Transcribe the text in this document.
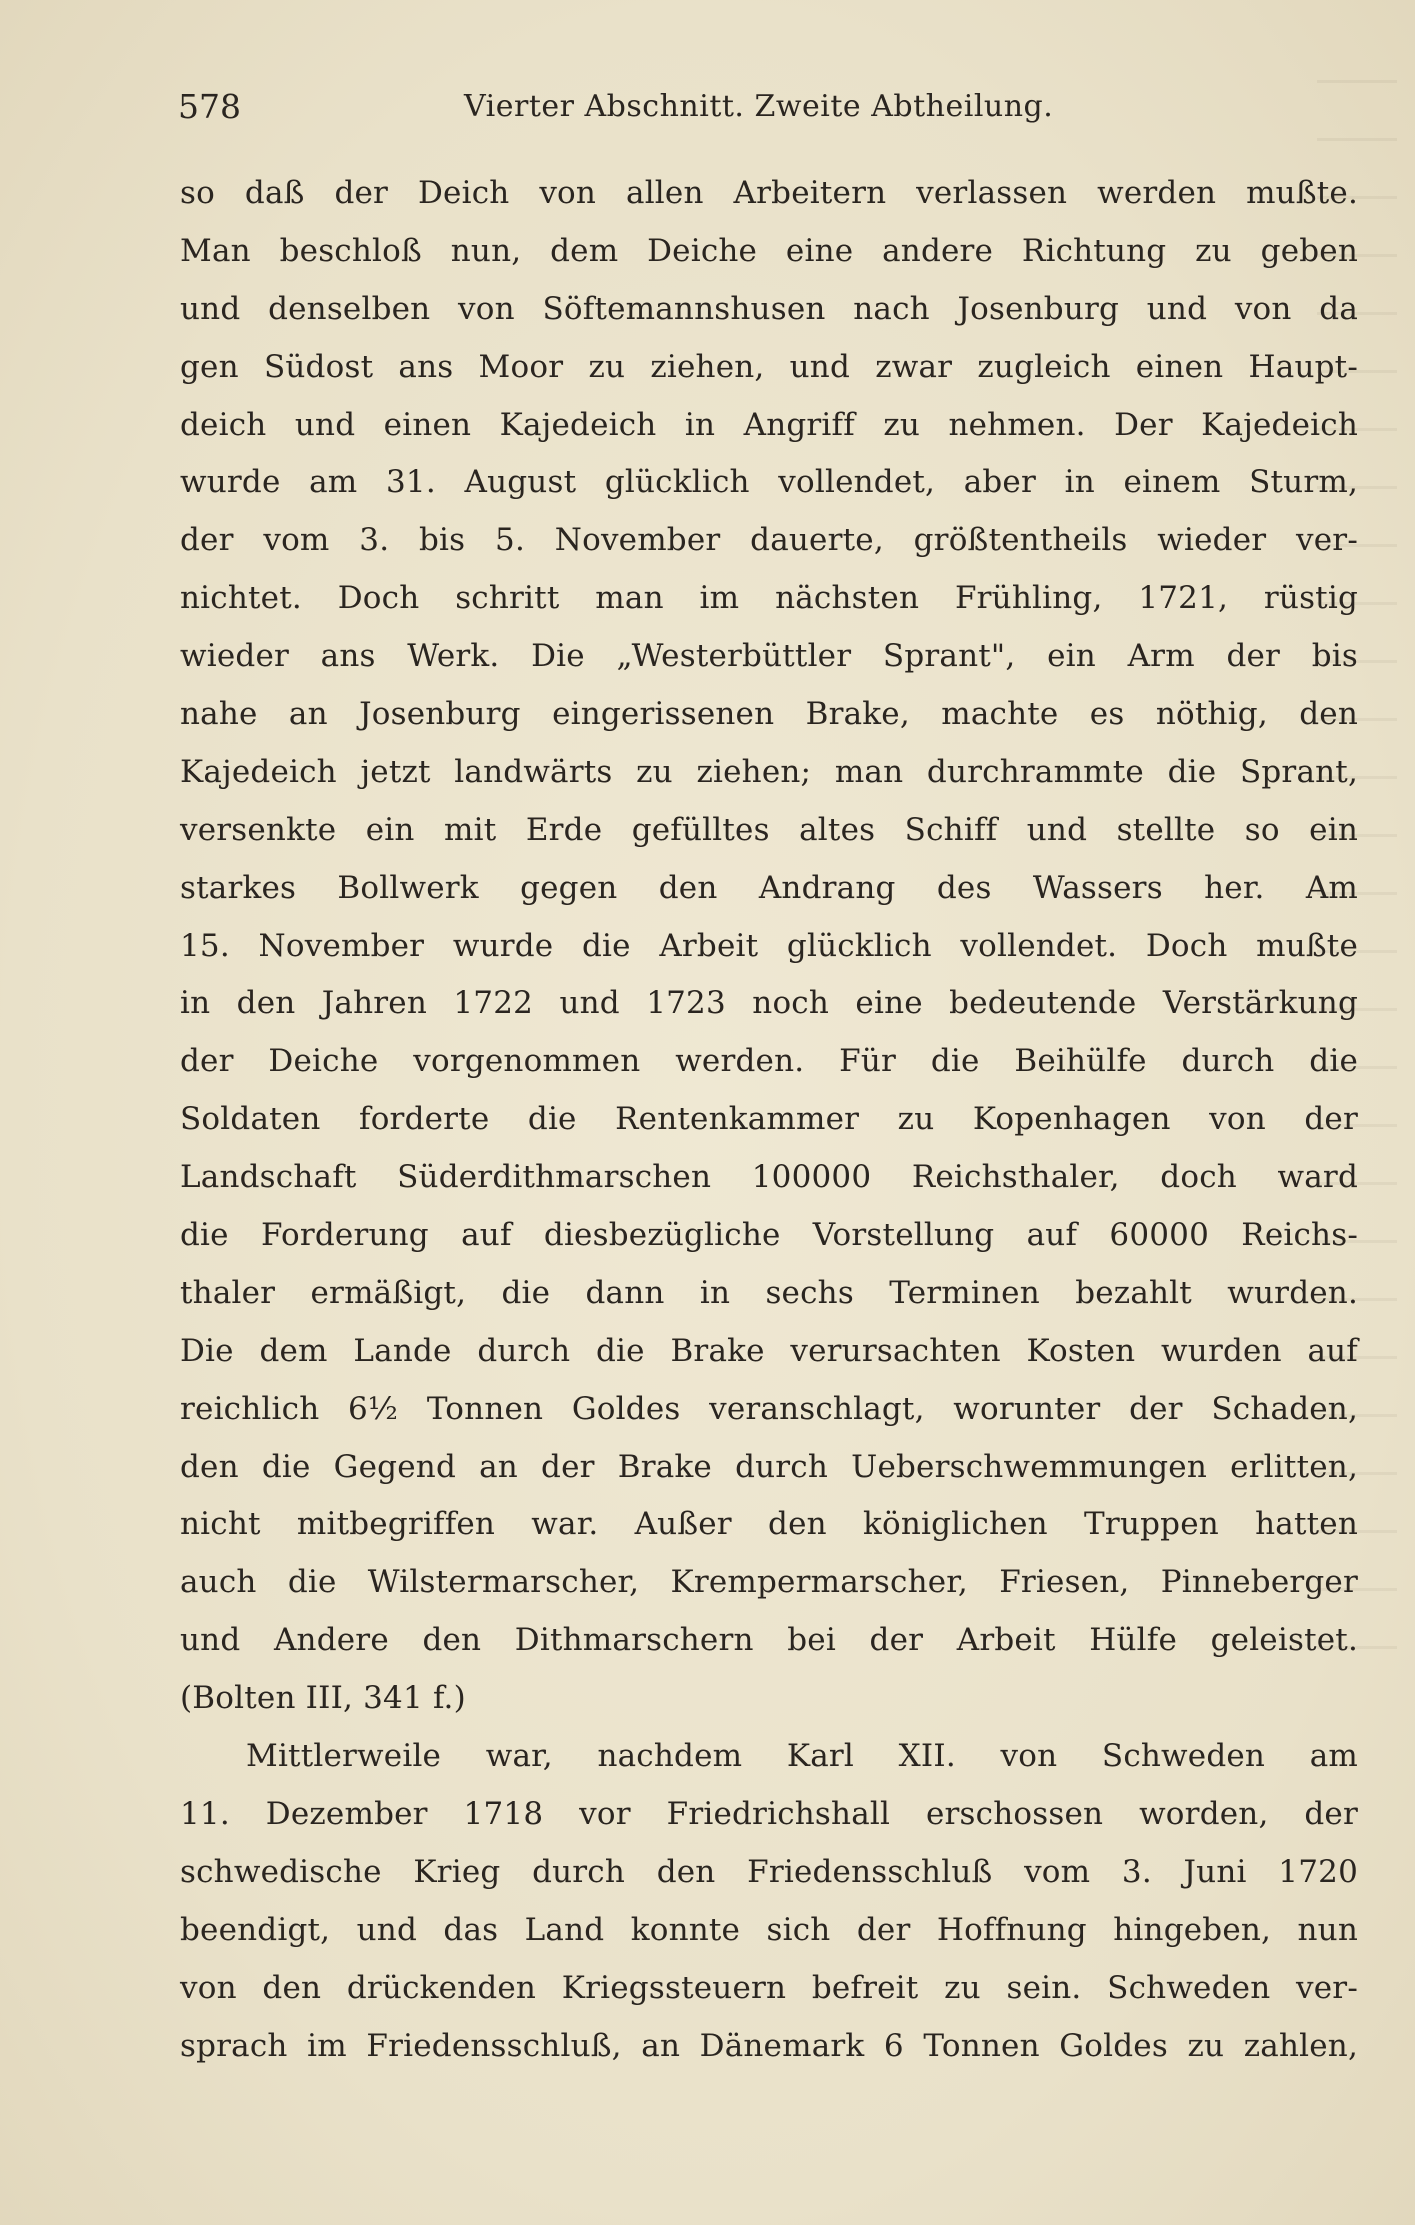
578	Vierter Abschnitt. Zweite Abtheilung.
so daß der Deich von allen Arbeitern verlassen werden mußte.
Man beschloß nun, dem Deiche eine andere Richtung zu geben
und denselben von Söftemannshusen nach Josenburg und von da
gen Südost ans Moor zu ziehen, und zwar zugleich einen Haupt-
deich und einen Kajedeich in Angriff zu nehmen. Der Kajedeich
wurde am 31. August glücklich vollendet, aber in einem Sturm,
der vom 3. bis 5. November dauerte, größtentheils wieder ver-
nichtet. Doch schritt man im nächsten Frühling, 1721, rüstig
wieder ans Werk. Die „Westerbüttler Sprant", ein Arm der bis
nahe an Josenburg eingerissenen Brake, machte es nöthig, den
Kajedeich jetzt landwärts zu ziehen; man durchrammte die Sprant,
versenkte ein mit Erde gefülltes altes Schiff und stellte so ein
starkes Bollwerk gegen den Andrang des Wassers her. Am
15. November wurde die Arbeit glücklich vollendet. Doch mußte
in den Jahren 1722 und 1723 noch eine bedeutende Verstärkung
der Deiche vorgenommen werden. Für die Beihülfe durch die
Soldaten forderte die Rentenkammer zu Kopenhagen von der
Landschaft Süderdithmarschen 100000 Reichsthaler, doch ward
die Forderung auf diesbezügliche Vorstellung auf 60000 Reichs-
thaler ermäßigt, die dann in sechs Terminen bezahlt wurden.
Die dem Lande durch die Brake verursachten Kosten wurden auf
reichlich 6½ Tonnen Goldes veranschlagt, worunter der Schaden,
den die Gegend an der Brake durch Ueberschwemmungen erlitten,
nicht mitbegriffen war. Außer den königlichen Truppen hatten
auch die Wilstermarscher, Krempermarscher, Friesen, Pinneberger
und Andere den Dithmarschern bei der Arbeit Hülfe geleistet.
(Bolten III, 341 f.)
Mittlerweile war, nachdem Karl XII. von Schweden am
11. Dezember 1718 vor Friedrichshall erschossen worden, der
schwedische Krieg durch den Friedensschluß vom 3. Juni 1720
beendigt, und das Land konnte sich der Hoffnung hingeben, nun
von den drückenden Kriegssteuern befreit zu sein. Schweden ver-
sprach im Friedensschluß, an Dänemark 6 Tonnen Goldes zu zahlen,
